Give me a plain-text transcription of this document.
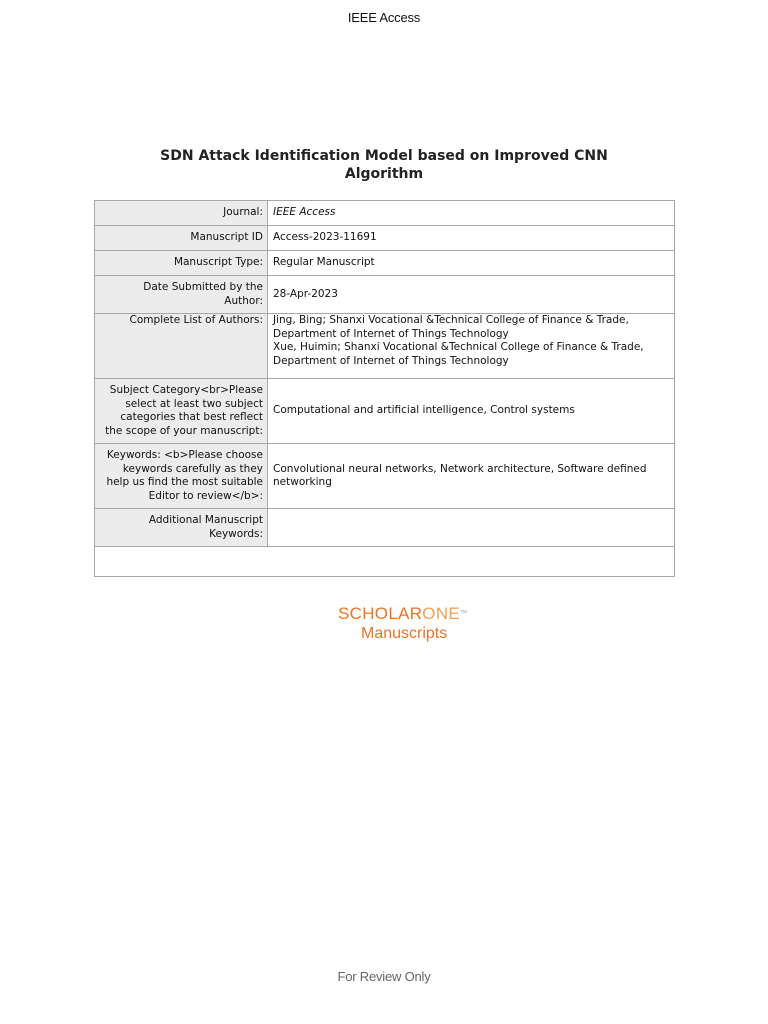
IEEE Access
SDN Attack Identification Model based on Improved CNN
Algorithm
Journal:	IEEE Access
Manuscript ID	Access-2023-11691
Manuscript Type:	Regular Manuscript

Date Submitted by the
Author:	28-Apr-2023
Complete List of Authors:	Jing, Bing; Shanxi Vocational &Technical College of Finance & Trade,
Department of Internet of Things Technology
Xue, Huimin; Shanxi Vocational &Technical College of Finance & Trade,
Department of Internet of Things Technology

Subject Category<br>Please
select at least two subject
categories that best reflect
the scope of your manuscript:	Computational and artificial intelligence, Control systems

Keywords: <b>Please choose
keywords carefully as they
help us find the most suitable
Editor to review</b>:	Convolutional neural networks, Network architecture, Software defined
networking

Additional Manuscript
Keywords:	

SCHOLARONE™
Manuscripts
For Review Only
